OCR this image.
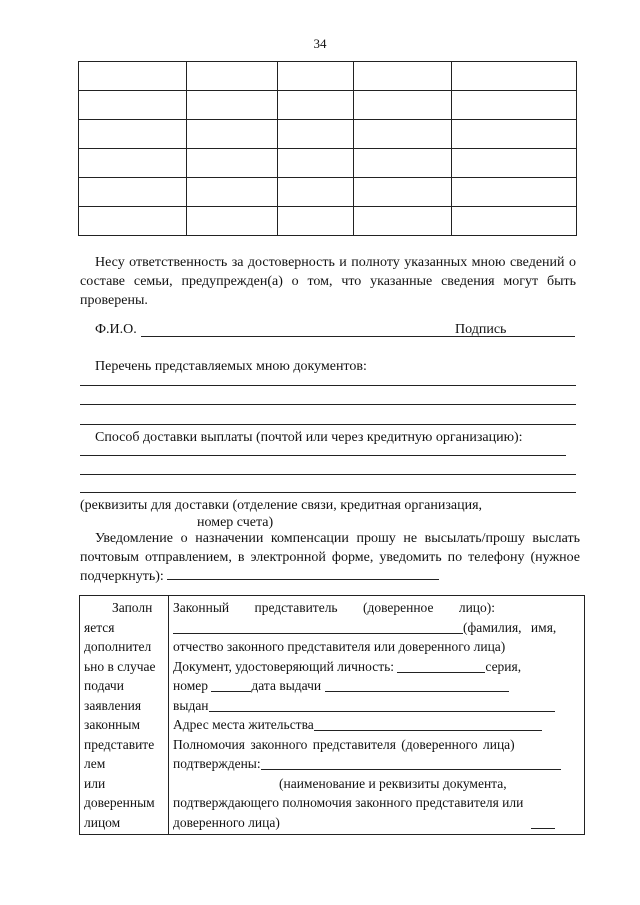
34

Несу ответственность за достоверность и полноту указанных мною сведений о составе семьи, предупрежден(а) о том, что указанные сведения могут быть проверены.
Ф.И.О.	Подпись
Перечень представляемых мною документов:
Способ доставки выплаты (почтой или через кредитную организацию):
(реквизиты для доставки (отделение связи, кредитная организация,
номер счета)
Уведомление о назначении компенсации прошу не высылать/прошу выслать почтовым отправлением, в электронной форме, уведомить по телефону (нужное подчеркнуть):
Заполн
яется
дополнител
ьно в случае
подачи
заявления
законным
представите
лем или
доверенным
лицом

Законный представитель (доверенное лицо):
(фамилия, имя,
отчество законного представителя или доверенного лица)
Документ, удостоверяющий личность:	серия,
номер	дата выдачи
выдан
Адрес места жительства
Полномочия законного представителя (доверенного лица)
подтверждены:
(наименование и реквизиты документа,
подтверждающего полномочия законного представителя или
доверенного лица)
